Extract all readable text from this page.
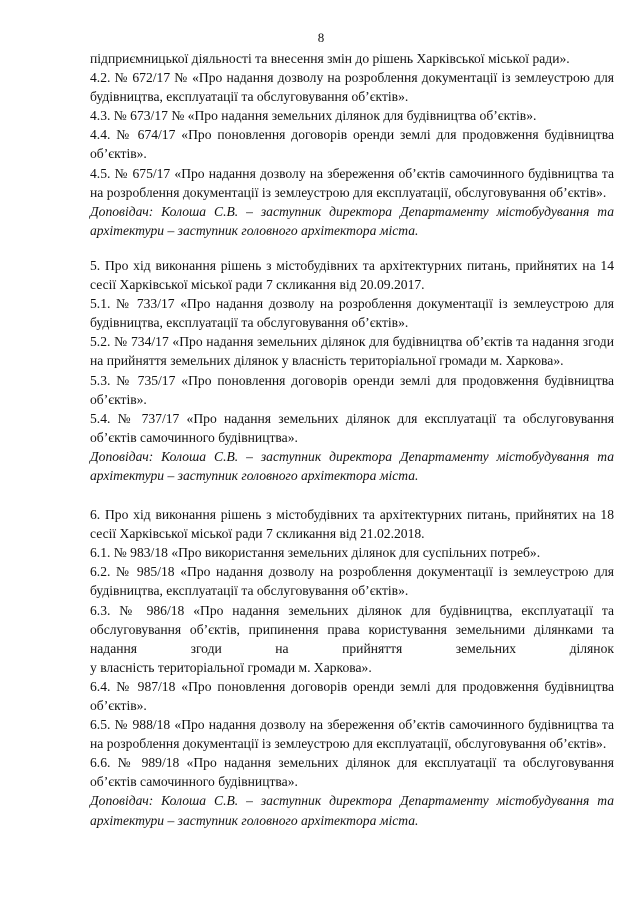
8

підприємницької діяльності та внесення змін до рішень Харківської міської ради».

4.2. № 672/17 № «Про надання дозволу на розроблення документації із землеустрою для будівництва, експлуатації та обслуговування об’єктів».

4.3. № 673/17 № «Про надання земельних ділянок для будівництва об’єктів».

4.4. № 674/17 «Про поновлення договорів оренди землі для продовження будівництва об’єктів».

4.5. № 675/17 «Про надання дозволу на збереження об’єктів самочинного будівництва та на розроблення документації із землеустрою для експлуатації, обслуговування об’єктів».

Доповідач: Колоша С.В. – заступник директора Департаменту містобудування та архітектури – заступник головного архітектора міста.

5. Про хід виконання рішень з містобудівних та архітектурних питань, прийнятих на 14 сесії Харківської міської ради 7 скликання від 20.09.2017.

5.1. № 733/17 «Про надання дозволу на розроблення документації із землеустрою для будівництва, експлуатації та обслуговування об’єктів».

5.2. № 734/17 «Про надання земельних ділянок для будівництва об’єктів та надання згоди на прийняття земельних ділянок у власність територіальної громади м. Харкова».

5.3. № 735/17 «Про поновлення договорів оренди землі для продовження будівництва об’єктів».

5.4. № 737/17 «Про надання земельних ділянок для експлуатації та обслуговування об’єктів самочинного будівництва».

Доповідач: Колоша С.В. – заступник директора Департаменту містобудування та архітектури – заступник головного архітектора міста.

6. Про хід виконання рішень з містобудівних та архітектурних питань, прийнятих на 18 сесії Харківської міської ради 7 скликання від 21.02.2018.

6.1. № 983/18 «Про використання земельних ділянок для суспільних потреб».

6.2. № 985/18 «Про надання дозволу на розроблення документації із землеустрою для будівництва, експлуатації та обслуговування об’єктів».

6.3. № 986/18 «Про надання земельних ділянок для будівництва, експлуатації та обслуговування об’єктів, припинення права користування земельними ділянками та надання згоди на прийняття земельних ділянок

у власність територіальної громади м. Харкова».

6.4. № 987/18 «Про поновлення договорів оренди землі для продовження будівництва об’єктів».

6.5. № 988/18 «Про надання дозволу на збереження об’єктів самочинного будівництва та на розроблення документації із землеустрою для експлуатації, обслуговування об’єктів».

6.6. № 989/18 «Про надання земельних ділянок для експлуатації та обслуговування об’єктів самочинного будівництва».

Доповідач: Колоша С.В. – заступник директора Департаменту містобудування та архітектури – заступник головного архітектора міста.
